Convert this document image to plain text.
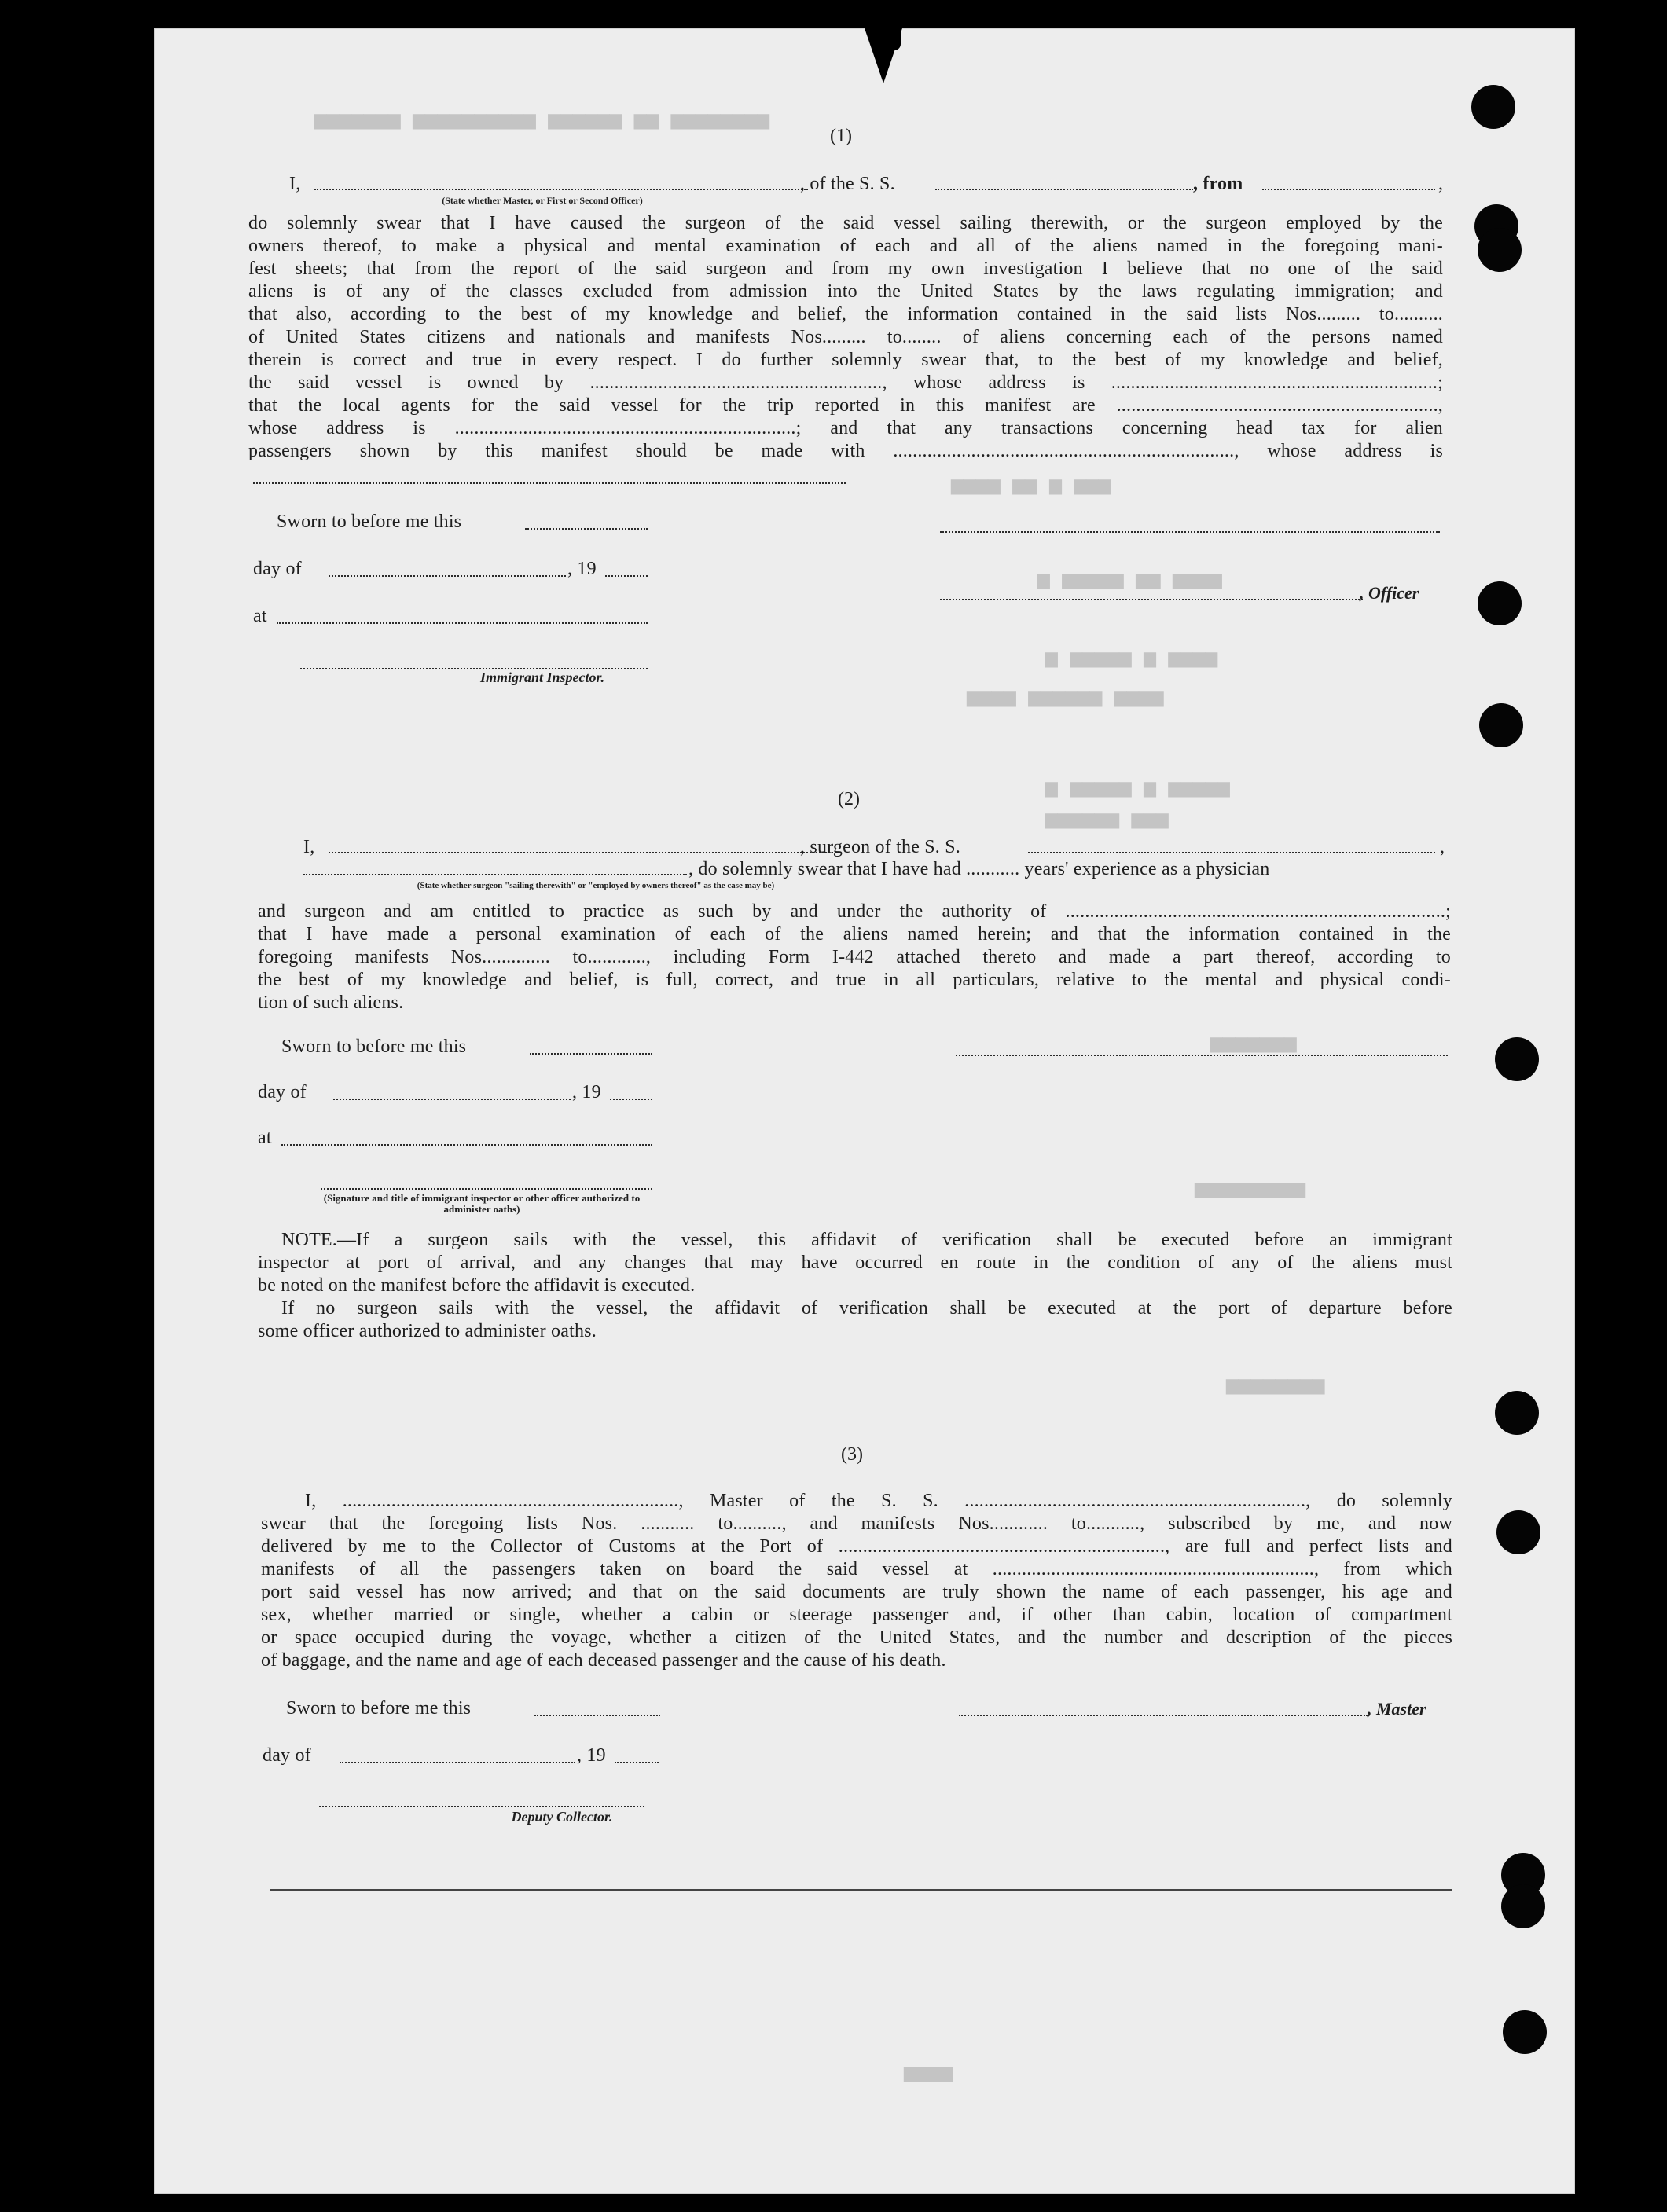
▅▅▅▅▅▅▅▅ ▅▅ ▅▅▅▅▅▅ ▅▅▅▅▅▅▅▅▅▅ ▅▅▅▅▅▅▅
▅▅▅▅ ▅▅ ▅ ▅▅▅
▅ ▅▅▅▅▅ ▅▅ ▅▅▅▅
▅ ▅▅▅▅▅ ▅ ▅▅▅▅
▅▅▅▅ ▅▅▅▅▅▅ ▅▅▅▅
▅ ▅▅▅▅▅ ▅ ▅▅▅▅▅
▅▅▅▅▅▅ ▅▅▅
▅▅▅▅▅▅▅
▅▅▅▅▅▅▅▅▅
▅▅▅▅▅▅▅▅
▅▅▅▅
(1)
I,	, of the S. S.	, from	,
(State whether Master, or First or Second Officer)

do solemnly swear that I have caused the surgeon of the said vessel sailing therewith, or the surgeon employed by the

owners thereof, to make a physical and mental examination of each and all of the aliens named in the foregoing mani-

fest sheets; that from the report of the said surgeon and from my own investigation I believe that no one of the said

aliens is of any of the classes excluded from admission into the United States by the laws regulating immigration; and

that also, according to the best of my knowledge and belief, the information contained in the said lists Nos......... to..........

of United States citizens and nationals and manifests Nos......... to........ of aliens concerning each of the persons named

therein is correct and true in every respect. I do further solemnly swear that, to the best of my knowledge and belief,

the said vessel is owned by ............................................................, whose address is ...................................................................;

that the local agents for the said vessel for the trip reported in this manifest are ..................................................................,

whose address is ......................................................................; and that any transactions concerning head tax for alien

passengers shown by this manifest should be made with ......................................................................, whose address is

Sworn to before me this
day of	, 19
, Officer
at
Immigrant Inspector.
(2)
I,	, surgeon of the S. S.	,
, do solemnly swear that I have had ........... years' experience as a physician
(State whether surgeon "sailing therewith" or "employed by owners thereof" as the case may be)

and surgeon and am entitled to practice as such by and under the authority of ..............................................................................;

that I have made a personal examination of each of the aliens named herein; and that the information contained in the

foregoing manifests Nos.............. to............, including Form I-442 attached thereto and made a part thereof, according to

the best of my knowledge and belief, is full, correct, and true in all particulars, relative to the mental and physical condi-

tion of such aliens.

Sworn to before me this
day of	, 19
at
(Signature and title of immigrant inspector or other officer authorized to administer oaths)

NOTE.—If a surgeon sails with the vessel, this affidavit of verification shall be executed before an immigrant

inspector at port of arrival, and any changes that may have occurred en route in the condition of any of the aliens must

be noted on the manifest before the affidavit is executed.

If no surgeon sails with the vessel, the affidavit of verification shall be executed at the port of departure before

some officer authorized to administer oaths.

(3)

I, ....................................................................., Master of the S. S. ......................................................................, do solemnly

swear that the foregoing lists Nos. ........... to.........., and manifests Nos............ to..........., subscribed by me, and now

delivered by me to the Collector of Customs at the Port of ..................................................................., are full and perfect lists and

manifests of all the passengers taken on board the said vessel at .................................................................., from which

port said vessel has now arrived; and that on the said documents are truly shown the name of each passenger, his age and

sex, whether married or single, whether a cabin or steerage passenger and, if other than cabin, location of compartment

or space occupied during the voyage, whether a citizen of the United States, and the number and description of the pieces

of baggage, and the name and age of each deceased passenger and the cause of his death.

Sworn to before me this	, Master
day of	, 19
Deputy Collector.
